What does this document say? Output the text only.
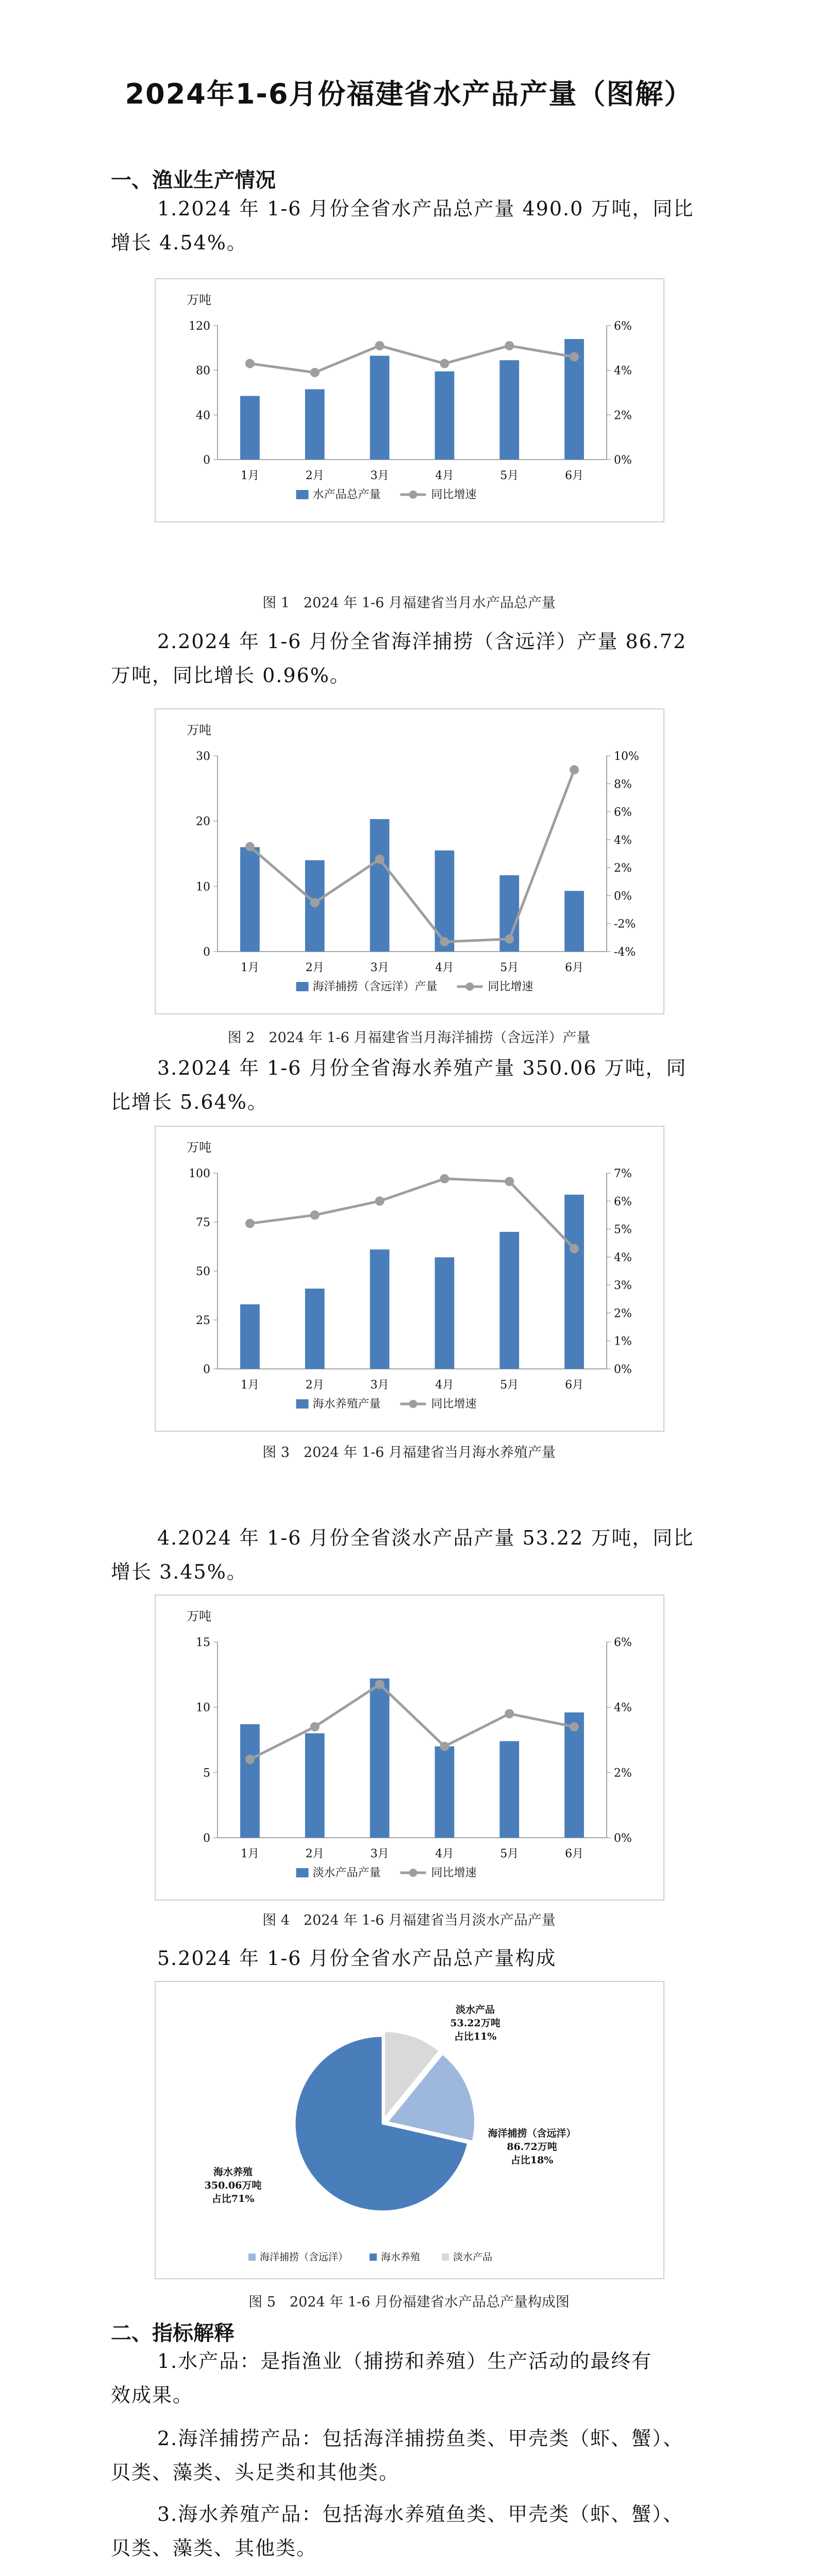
2024年1-6月份福建省水产品产量（图解）
一、渔业生产情况
1.2024 年 1-6 月份全省水产品总产量 490.0 万吨，同比
增长 4.54%。
万吨
0
40
80
120
0%
2%
4%
6%
1月	2月	3月	4月	5月	6月
水产品总产量	同比增速
图 1　2024 年 1-6 月福建省当月水产品总产量
2.2024 年 1-6 月份全省海洋捕捞（含远洋）产量 86.72
万吨，同比增长 0.96%。
万吨
0
10
20
30
-4%
-2%
0%
2%
4%
6%
8%
10%
1月	2月	3月	4月	5月	6月
海洋捕捞（含远洋）产量	同比增速
图 2　2024 年 1-6 月福建省当月海洋捕捞（含远洋）产量
3.2024 年 1-6 月份全省海水养殖产量 350.06 万吨，同
比增长 5.64%。
万吨
0
25
50
75
100
0%
1%
2%
3%
4%
5%
6%
7%
1月	2月	3月	4月	5月	6月
海水养殖产量	同比增速
图 3　2024 年 1-6 月福建省当月海水养殖产量
4.2024 年 1-6 月份全省淡水产品产量 53.22 万吨，同比
增长 3.45%。
万吨
0
5
10
15
0%
2%
4%
6%
1月	2月	3月	4月	5月	6月
淡水产品产量	同比增速
图 4　2024 年 1-6 月福建省当月淡水产品产量
5.2024 年 1-6 月份全省水产品总产量构成
海洋捕捞（含远洋）
86.72万吨
占比18%
海水养殖
350.06万吨
占比71%
淡水产品
53.22万吨
占比11%
海洋捕捞（含远洋）	海水养殖	淡水产品
图 5　2024 年 1-6 月份福建省水产品总产量构成图
二、指标解释
1.水产品：是指渔业（捕捞和养殖）生产活动的最终有
效成果。
2.海洋捕捞产品：包括海洋捕捞鱼类、甲壳类（虾、蟹）、
贝类、藻类、头足类和其他类。
3.海水养殖产品：包括海水养殖鱼类、甲壳类（虾、蟹）、
贝类、藻类、其他类。
